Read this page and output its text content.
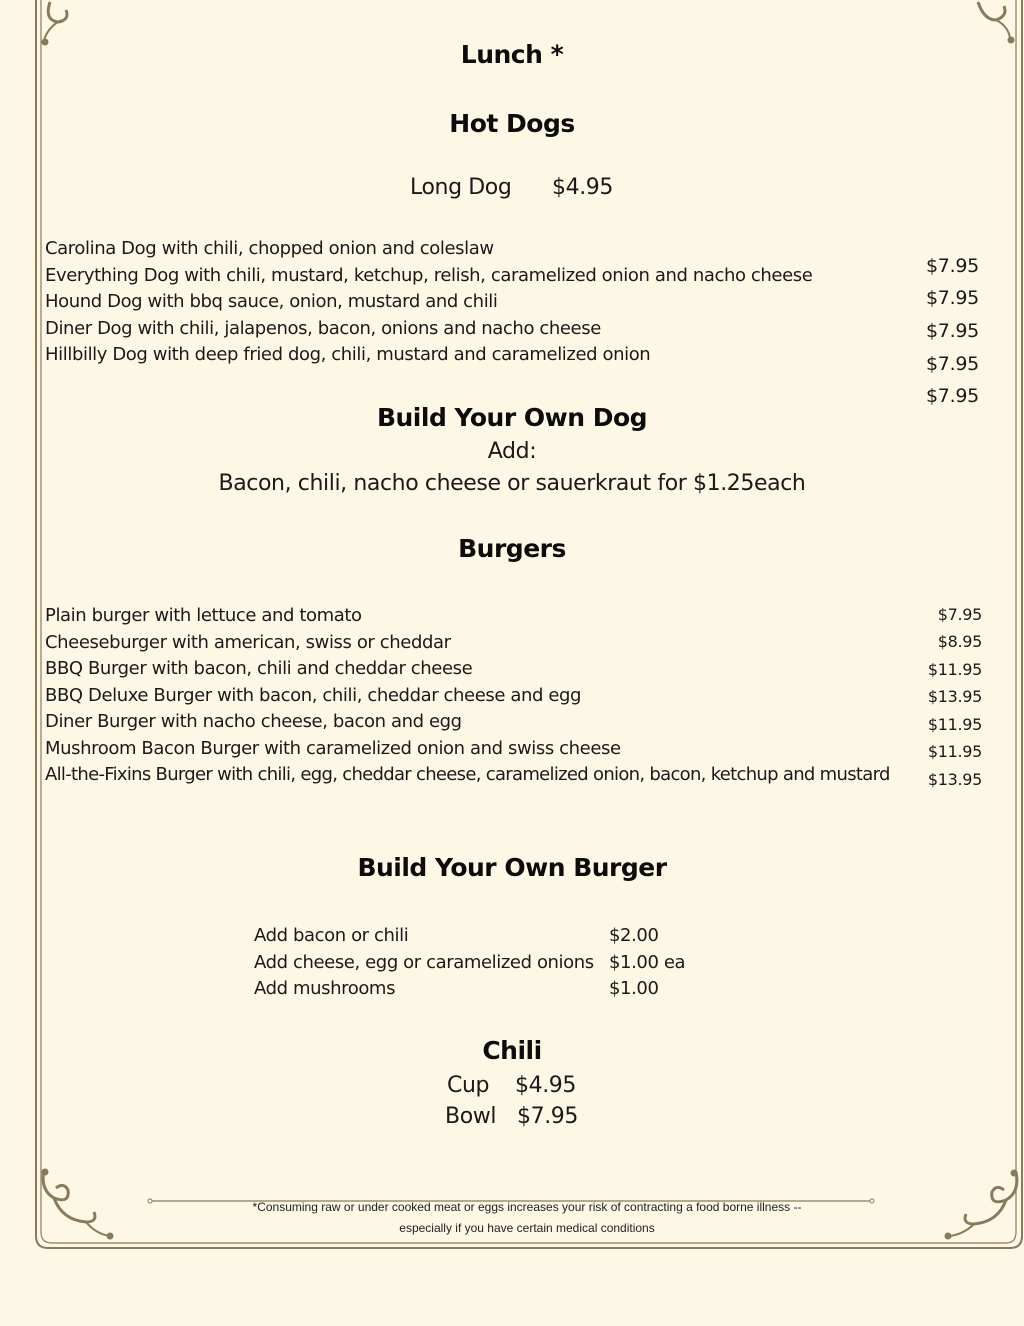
Lunch *
Hot Dogs
Long Dog $4.95
Carolina Dog with chili, chopped onion and coleslaw
Everything Dog with chili, mustard, ketchup, relish, caramelized onion and nacho cheese
Hound Dog with bbq sauce, onion, mustard and chili
Diner Dog with chili, jalapenos, bacon, onions and nacho cheese
Hillbilly Dog with deep fried dog, chili, mustard and caramelized onion
$7.95
$7.95
$7.95
$7.95
$7.95
Build Your Own Dog
Add:
Bacon, chili, nacho cheese or sauerkraut for $1.25each
Burgers
Plain burger with lettuce and tomato
Cheeseburger with american, swiss or cheddar
BBQ Burger with bacon, chili and cheddar cheese
BBQ Deluxe Burger with bacon, chili, cheddar cheese and egg
Diner Burger with nacho cheese, bacon and egg
Mushroom Bacon Burger with caramelized onion and swiss cheese
All-the-Fixins Burger with chili, egg, cheddar cheese, caramelized onion, bacon, ketchup and mustard
$7.95
$8.95
$11.95
$13.95
$11.95
$11.95
$13.95
Build Your Own Burger
Add bacon or chili
Add cheese, egg or caramelized onions
Add mushrooms
$2.00
$1.00 ea
$1.00
Chili
Cup $4.95
Bowl $7.95
*Consuming raw or under cooked meat or eggs increases your risk of contracting a food borne illness --
especially if you have certain medical conditions
